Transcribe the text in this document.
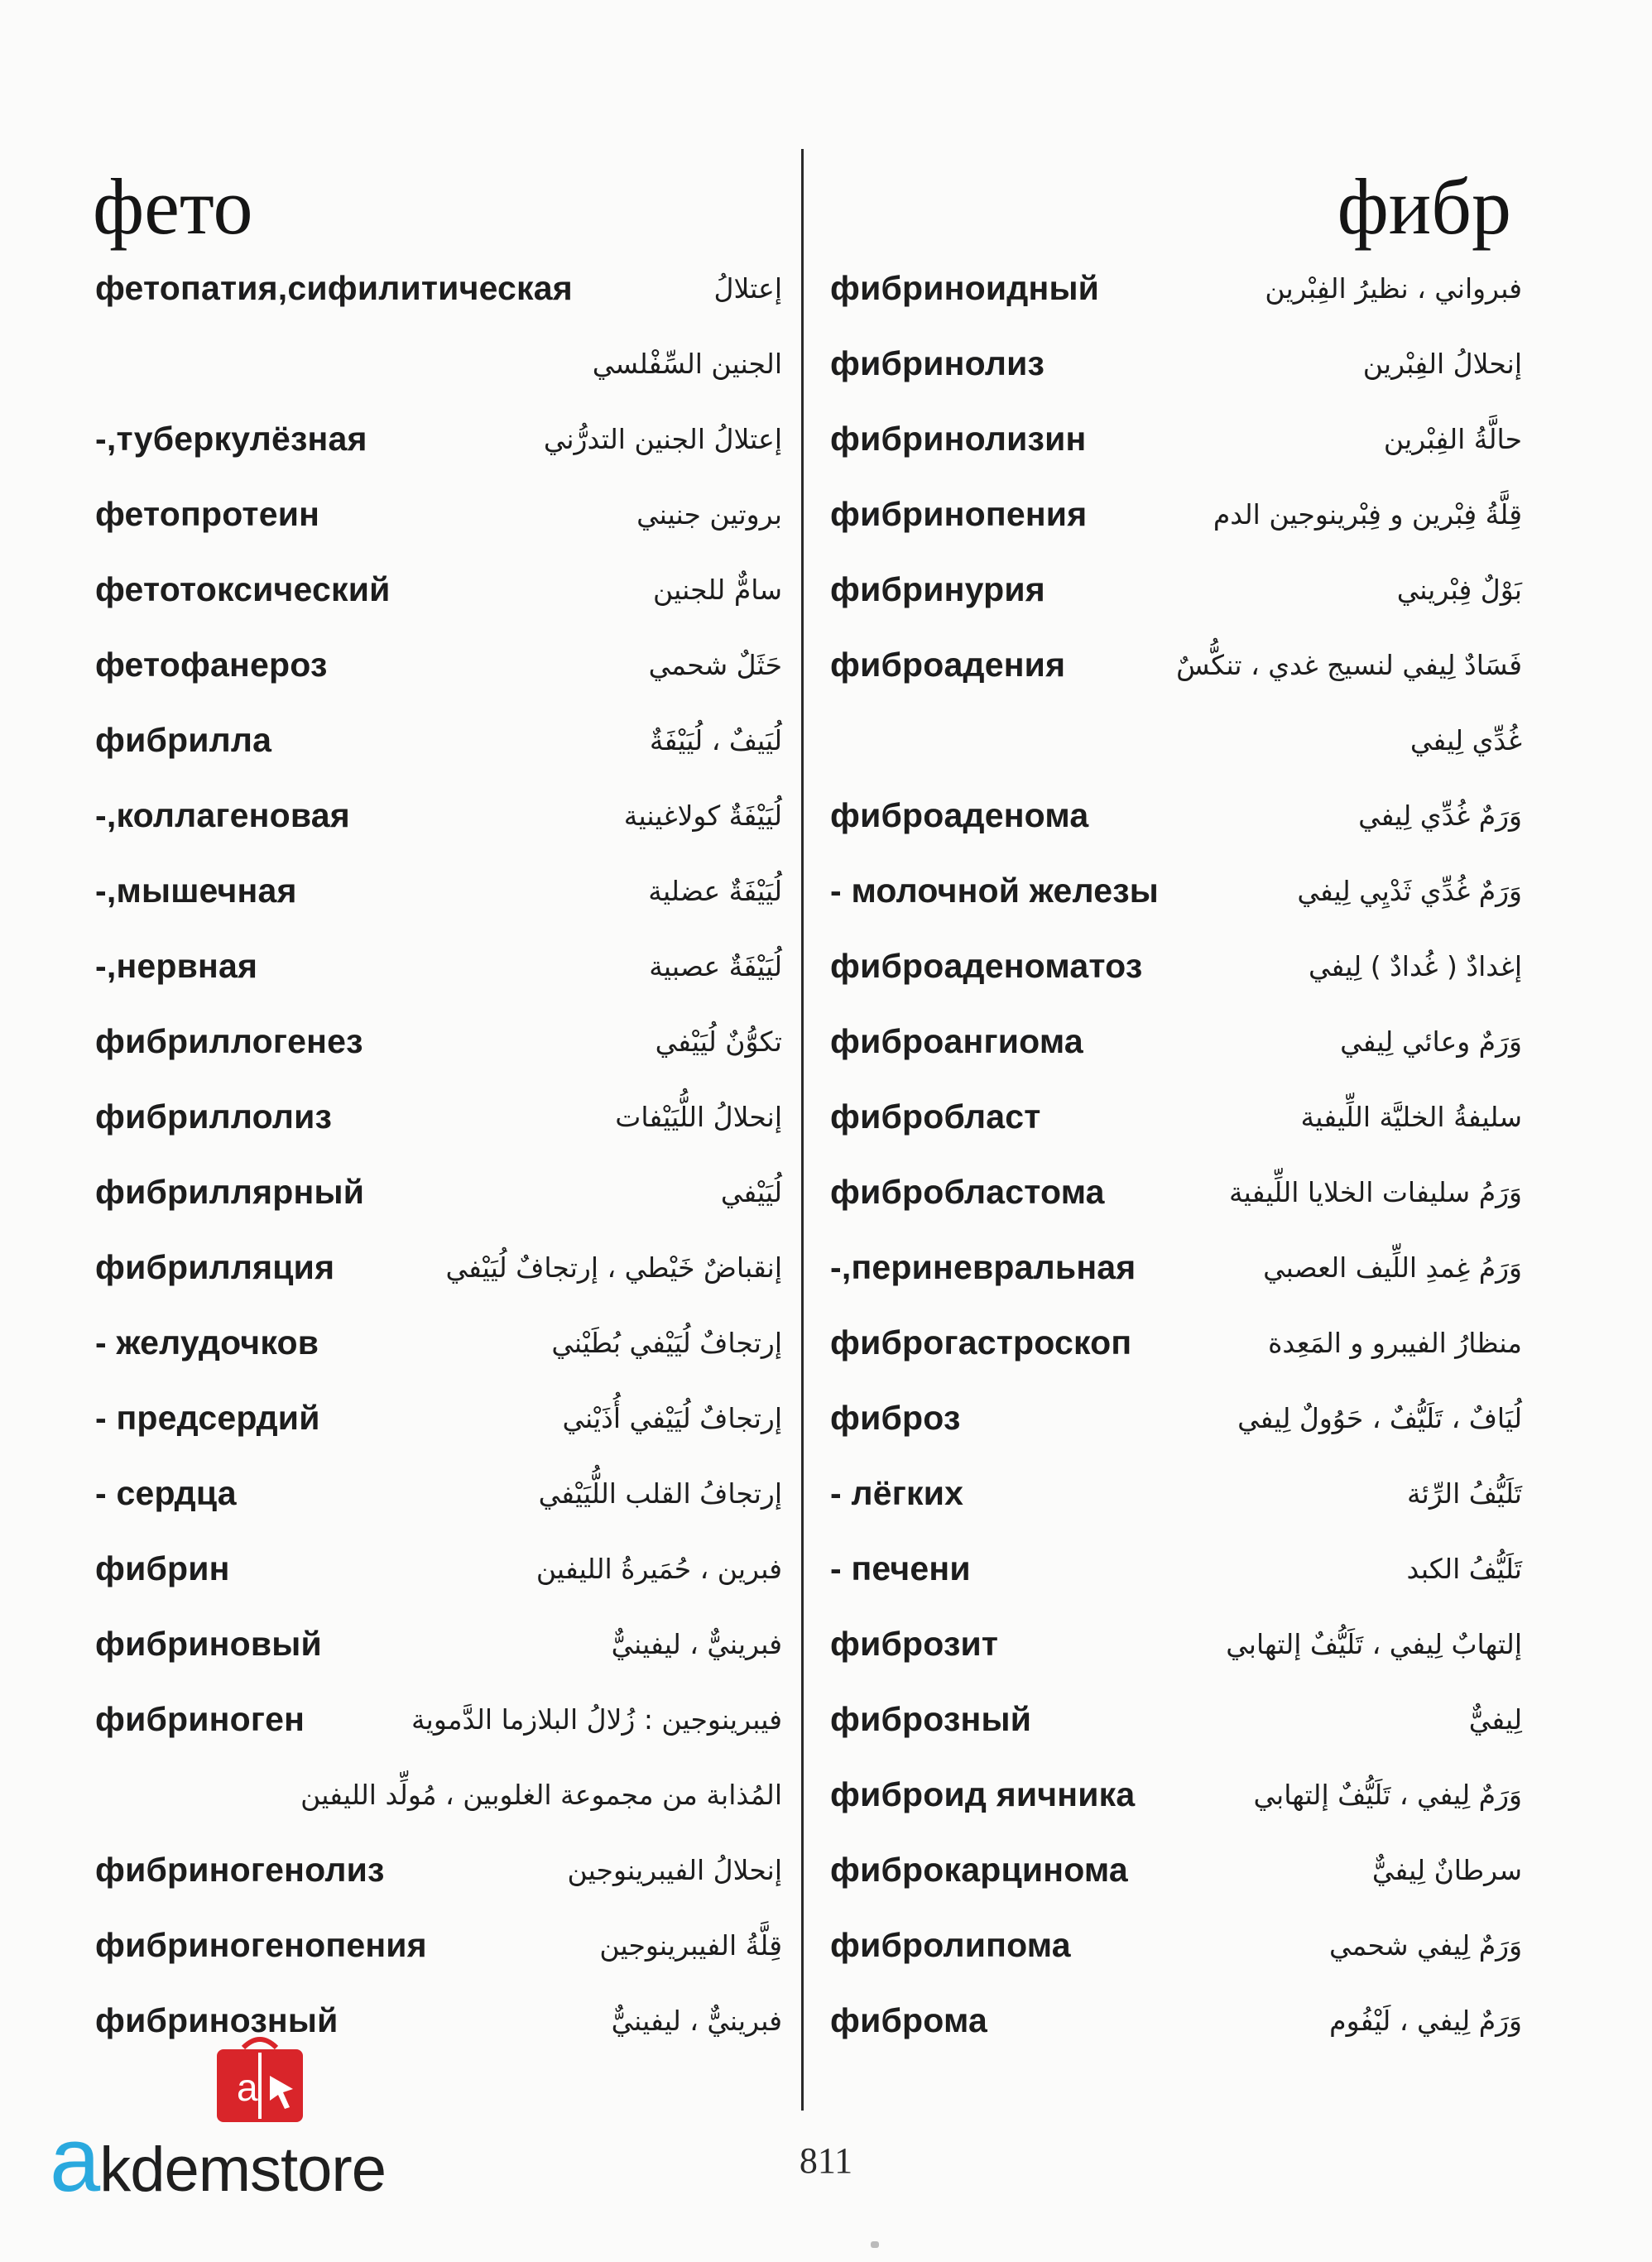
фето	фибр
фетопатия,сифилитическая	إعتلالُ
الجنين السِّفْلسي
-,туберкулёзная	إعتلالُ الجنين التدرُّني
фетопротеин	بروتين جنيني
фетотоксический	سامٌّ للجنين
фетофанероз	حَثَلٌ شحمي
фибрилла	لُيَيفٌ ، لُيَيْفَةٌ
-,коллагеновая	لُيَيْفَةٌ كولاغينية
-,мышечная	لُيَيْفَةٌ عضلية
-,нервная	لُيَيْفَةٌ عصبية
фибриллогенез	تكوُّنٌ لُيَيْفي
фибриллолиз	إنحلالُ اللُّيَيْفات
фибриллярный	لُيَيْفي
фибрилляция	إنقباضٌ خَيْطي ، إرتجافٌ لُيَيْفي
- желудочков	إرتجافٌ لُيَيْفي بُطَيْني
- предсердий	إرتجافٌ لُيَيْفي أُذَيْني
- сердца	إرتجافُ القلب اللُّيَيْفي
фибрин	فبرين ، حُمَيرةُ الليفين
фибриновый	فبرينيٌّ ، ليفينيٌّ
фибриноген	فيبرينوجين : زُلالُ البلازما الدَّموية
المُذابة من مجموعة الغلوبين ، مُولِّد الليفين
фибриногенолиз	إنحلالُ الفيبرينوجين
фибриногенопения	قِلَّةُ الفيبرينوجين
фибринозный	فبرينيٌّ ، ليفينيٌّ
фибриноидный	فبرواني ، نظيرُ الفِبْرين
фибринолиз	إنحلالُ الفِبْرين
фибринолизин	حالَّةُ الفِبْرين
фибринопения	قِلَّةُ فِبْرين و فِبْرينوجين الدم
фибринурия	بَوْلٌ فِبْريني
фиброадения	فَسَادٌ لِيفي لنسيج غدي ، تنكُّسٌ
غُدِّي لِيفي
фиброаденома	وَرَمٌ غُدِّي لِيفي
- молочной железы	وَرَمٌ غُدِّي ثَدْيِي لِيفي
фиброаденоматоз	إغدادٌ ( غُدادٌ ) لِيفي
фиброангиома	وَرَمٌ وعائي لِيفي
фибробласт	سليفةُ الخليَّة اللِّيفية
фибробластома	وَرَمُ سليفات الخلايا اللِّيفية
-,периневральная	وَرَمُ غِمدِ اللِّيف العصبي
фиброгастроскоп	منظارُ الفيبرو و المَعِدة
фиброз	لُيَافٌ ، تَلَيُّفٌ ، حَوُولٌ لِيفي
- лёгких	تَلَيُّفُ الرِّئة
- печени	تَلَيُّفُ الكبد
фиброзит	إلتهابٌ لِيفي ، تَلَيُّفٌ إلتهابي
фиброзный	لِيفيٌّ
фиброид яичника	وَرَمٌ لِيفي ، تَلَيُّفٌ إلتهابي
фиброкарцинома	سرطانٌ لِيفيٌّ
фибролипома	وَرَمٌ لِيفي شحمي
фиброма	وَرَمٌ لِيفي ، لَيْفُوم
811
a
akdemstore
